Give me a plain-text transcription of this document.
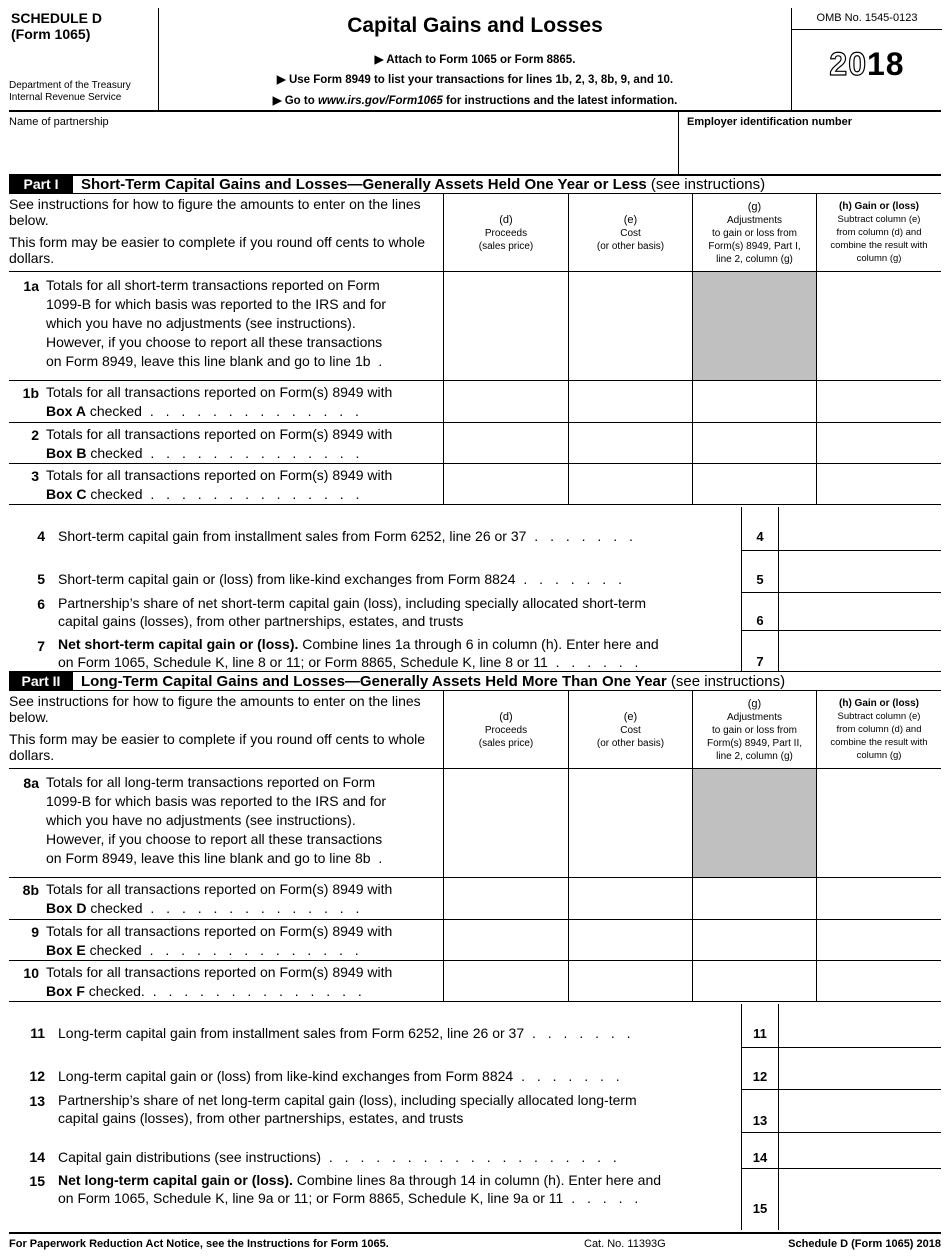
SCHEDULE D
(Form 1065)
Department of the Treasury
Internal Revenue Service
Capital Gains and Losses
▶ Attach to Form 1065 or Form 8865.
▶ Use Form 8949 to list your transactions for lines 1b, 2, 3, 8b, 9, and 10.
▶ Go to www.irs.gov/Form1065 for instructions and the latest information.
OMB No. 1545-0123
2018
Name of partnership	Employer identification number
Part I	Short-Term Capital Gains and Losses—Generally Assets Held One Year or Less (see instructions)

See instructions for how to figure the amounts to enter on the lines below.

This form may be easier to complete if you round off cents to whole dollars.

(d)
Proceeds
(sales price)
(e)
Cost
(or other basis)
(g)
Adjustments
to gain or loss from
Form(s) 8949, Part I,
line 2, column (g)
(h) Gain or (loss)
Subtract column (e)
from column (d) and
combine the result with
column (g)
1a Totals for all short-term transactions reported on Form
1099-B for which basis was reported to the IRS and for
which you have no adjustments (see instructions).
However, if you choose to report all these transactions
on Form 8949, leave this line blank and go to line 1b .
1b Totals for all transactions reported on Form(s) 8949 with
Box A checked . . . . . . . . . . . . . .
2 Totals for all transactions reported on Form(s) 8949 with
Box B checked . . . . . . . . . . . . . .
3 Totals for all transactions reported on Form(s) 8949 with
Box C checked . . . . . . . . . . . . . .
4 Short-term capital gain from installment sales from Form 6252, line 26 or 37 . . . . . . .	4
5 Short-term capital gain or (loss) from like-kind exchanges from Form 8824 . . . . . . .	5
6 Partnership’s share of net short-term capital gain (loss), including specially allocated short-term
capital gains (losses), from other partnerships, estates, and trusts	6
7 Net short-term capital gain or (loss). Combine lines 1a through 6 in column (h). Enter here and
on Form 1065, Schedule K, line 8 or 11; or Form 8865, Schedule K, line 8 or 11 . . . . . .	7
Part II	Long-Term Capital Gains and Losses—Generally Assets Held More Than One Year (see instructions)

See instructions for how to figure the amounts to enter on the lines below.

This form may be easier to complete if you round off cents to whole dollars.

(d)
Proceeds
(sales price)
(e)
Cost
(or other basis)
(g)
Adjustments
to gain or loss from
Form(s) 8949, Part II,
line 2, column (g)
(h) Gain or (loss)
Subtract column (e)
from column (d) and
combine the result with
column (g)
8a Totals for all long-term transactions reported on Form
1099-B for which basis was reported to the IRS and for
which you have no adjustments (see instructions).
However, if you choose to report all these transactions
on Form 8949, leave this line blank and go to line 8b .
8b Totals for all transactions reported on Form(s) 8949 with
Box D checked . . . . . . . . . . . . . .
9 Totals for all transactions reported on Form(s) 8949 with
Box E checked . . . . . . . . . . . . . .
10 Totals for all transactions reported on Form(s) 8949 with
Box F checked. . . . . . . . . . . . . . .
11 Long-term capital gain from installment sales from Form 6252, line 26 or 37 . . . . . . .	11
12 Long-term capital gain or (loss) from like-kind exchanges from Form 8824 . . . . . . .	12
13 Partnership’s share of net long-term capital gain (loss), including specially allocated long-term
capital gains (losses), from other partnerships, estates, and trusts	13
14 Capital gain distributions (see instructions) . . . . . . . . . . . . . . . . . . .	14
15 Net long-term capital gain or (loss). Combine lines 8a through 14 in column (h). Enter here and
on Form 1065, Schedule K, line 9a or 11; or Form 8865, Schedule K, line 9a or 11 . . . . .
15
For Paperwork Reduction Act Notice, see the Instructions for Form 1065.	Cat. No. 11393G	Schedule D (Form 1065) 2018
